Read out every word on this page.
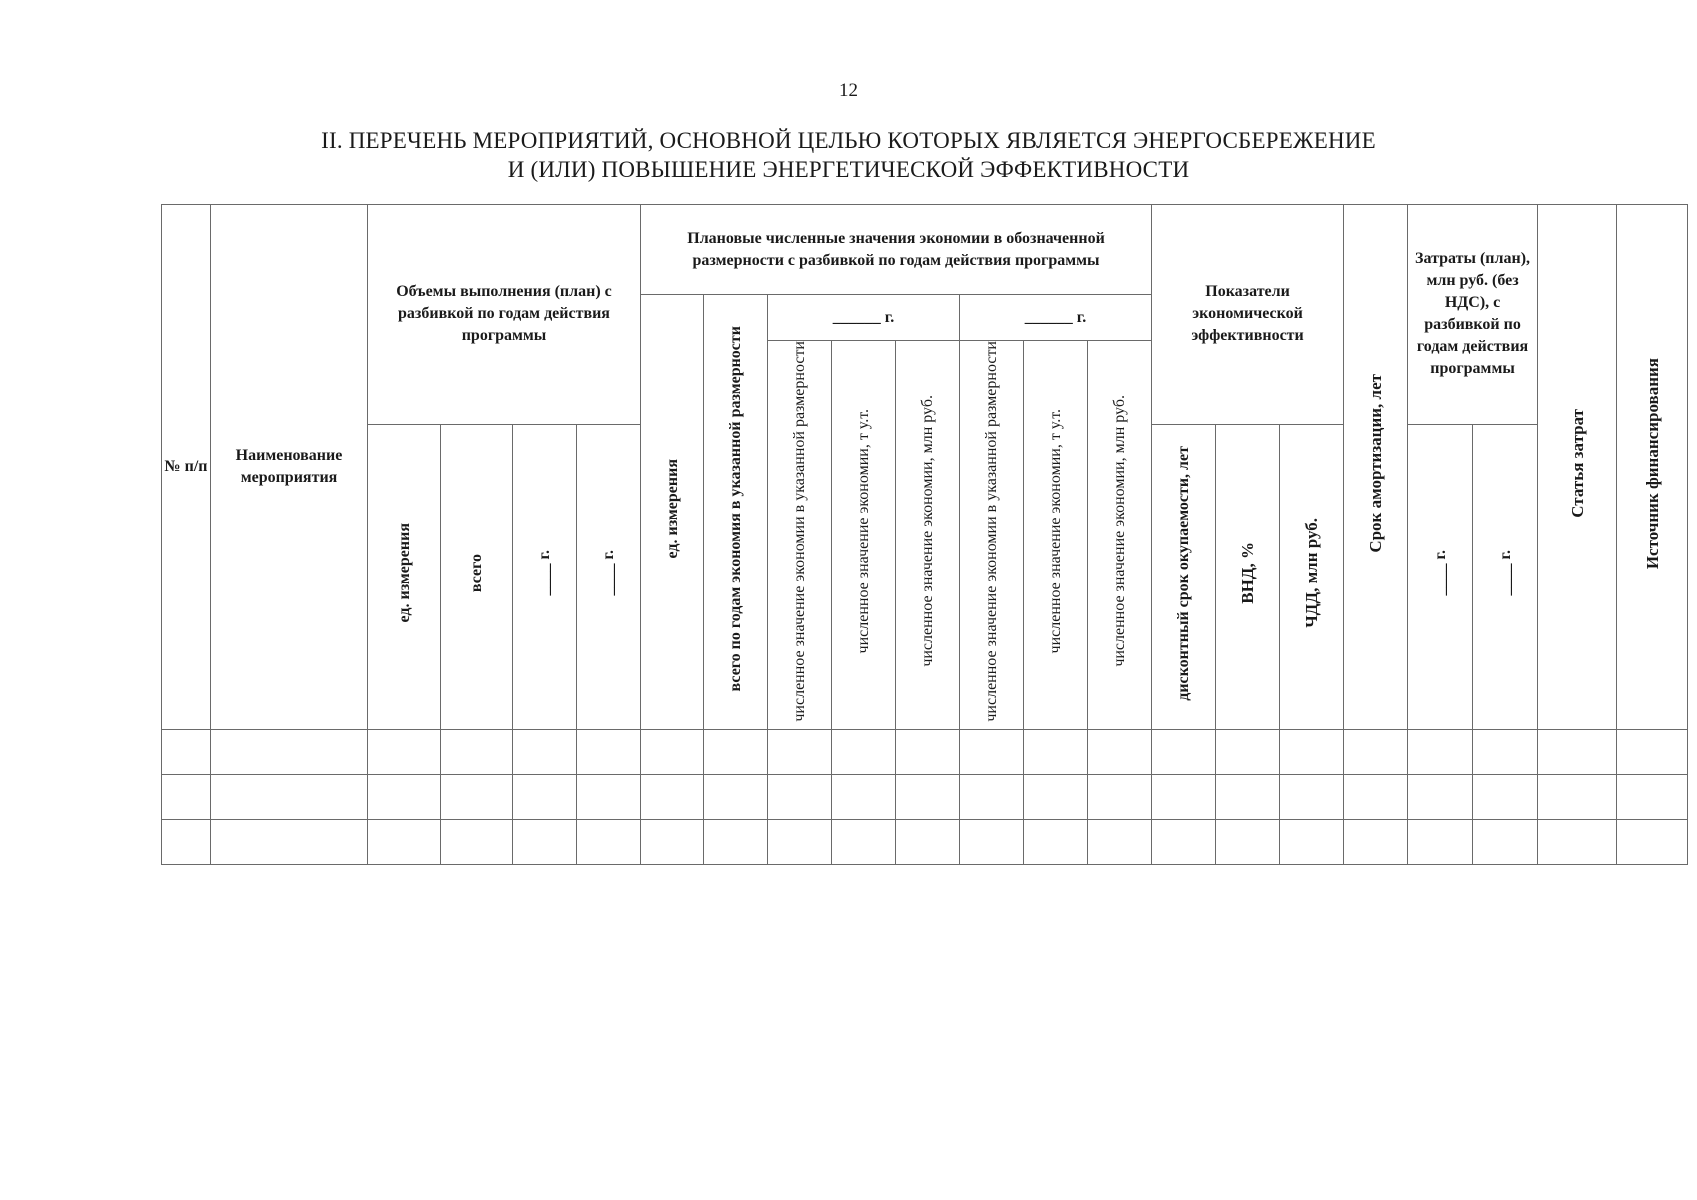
12
II. ПЕРЕЧЕНЬ МЕРОПРИЯТИЙ, ОСНОВНОЙ ЦЕЛЬЮ КОТОРЫХ ЯВЛЯЕТСЯ ЭНЕРГОСБЕРЕЖЕНИЕ
И (ИЛИ) ПОВЫШЕНИЕ ЭНЕРГЕТИЧЕСКОЙ ЭФФЕКТИВНОСТИ
№ п/п	Наименование мероприятия	Объемы выполнения (план) с разбивкой по годам действия программы				Плановые численные значения экономии в обозначенной размерности с разбивкой по годам действия программы								Показатели экономической эффективности			Срок амортизации, лет	Затраты (план), млн руб. (без НДС), с разбивкой по годам действия программы		Статья затрат	Источник финансирования
						ед. измерения	всего по годам экономия в указанной размерности	______ г.			______ г.										
								численное значение экономии в указанной размерности	численное значение экономии, т у.т.	численное значение экономии, млн руб.	численное значение экономии в указанной размерности	численное значение экономии, т у.т.	численное значение экономии, млн руб.								
		ед. измерения	всего	____ г.	____ г.									дисконтный срок окупаемости, лет	ВНД, %	ЧДД, млн руб.		____ г.	____ г.		
